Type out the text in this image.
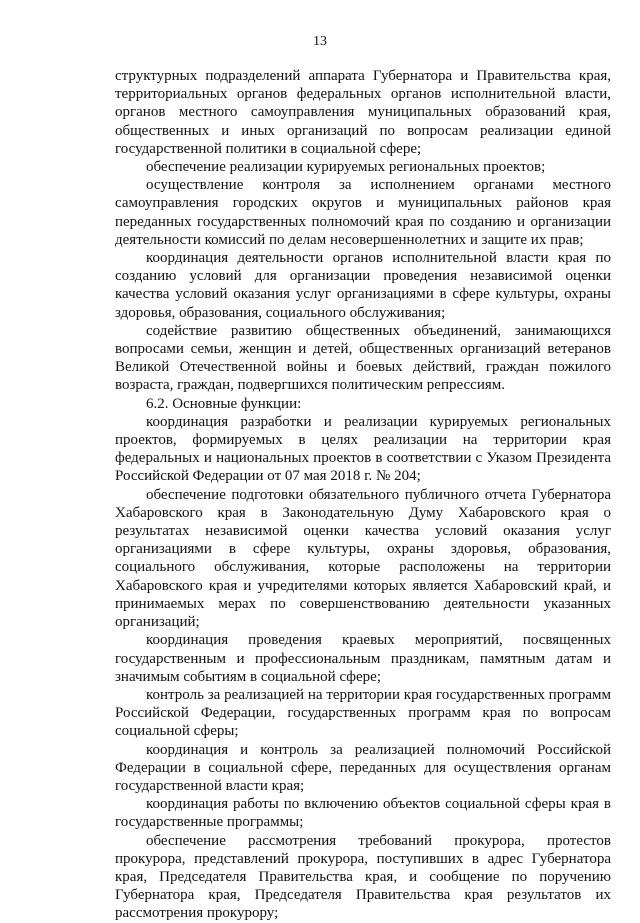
13

структурных подразделений аппарата Губернатора и Правительства края, территориальных органов федеральных органов исполнительной власти, органов местного самоуправления муниципальных образований края, общественных и иных организаций по вопросам реализации единой государственной политики в социальной сфере;

обеспечение реализации курируемых региональных проектов;

осуществление контроля за исполнением органами местного самоуправления городских округов и муниципальных районов края переданных государственных полномочий края по созданию и организации деятельности комиссий по делам несовершеннолетних и защите их прав;

координация деятельности органов исполнительной власти края по созданию условий для организации проведения независимой оценки качества условий оказания услуг организациями в сфере культуры, охраны здоровья, образования, социального обслуживания;

содействие развитию общественных объединений, занимающихся вопросами семьи, женщин и детей, общественных организаций ветеранов Великой Отечественной войны и боевых действий, граждан пожилого возраста, граждан, подвергшихся политическим репрессиям.

6.2. Основные функции:

координация разработки и реализации курируемых региональных проектов, формируемых в целях реализации на территории края федеральных и национальных проектов в соответствии с Указом Президента Российской Федерации от 07 мая 2018 г. № 204;

обеспечение подготовки обязательного публичного отчета Губернатора Хабаровского края в Законодательную Думу Хабаровского края о результатах независимой оценки качества условий оказания услуг организациями в сфере культуры, охраны здоровья, образования, социального обслуживания, которые расположены на территории Хабаровского края и учредителями которых является Хабаровский край, и принимаемых мерах по совершенствованию деятельности указанных организаций;

координация проведения краевых мероприятий, посвященных государственным и профессиональным праздникам, памятным датам и значимым событиям в социальной сфере;

контроль за реализацией на территории края государственных программ Российской Федерации, государственных программ края по вопросам социальной сферы;

координация и контроль за реализацией полномочий Российской Федерации в социальной сфере, переданных для осуществления органам государственной власти края;

координация работы по включению объектов социальной сферы края в государственные программы;

обеспечение рассмотрения требований прокурора, протестов прокурора, представлений прокурора, поступивших в адрес Губернатора края, Председателя Правительства края, и сообщение по поручению Губернатора края, Председателя Правительства края результатов их рассмотрения прокурору;
